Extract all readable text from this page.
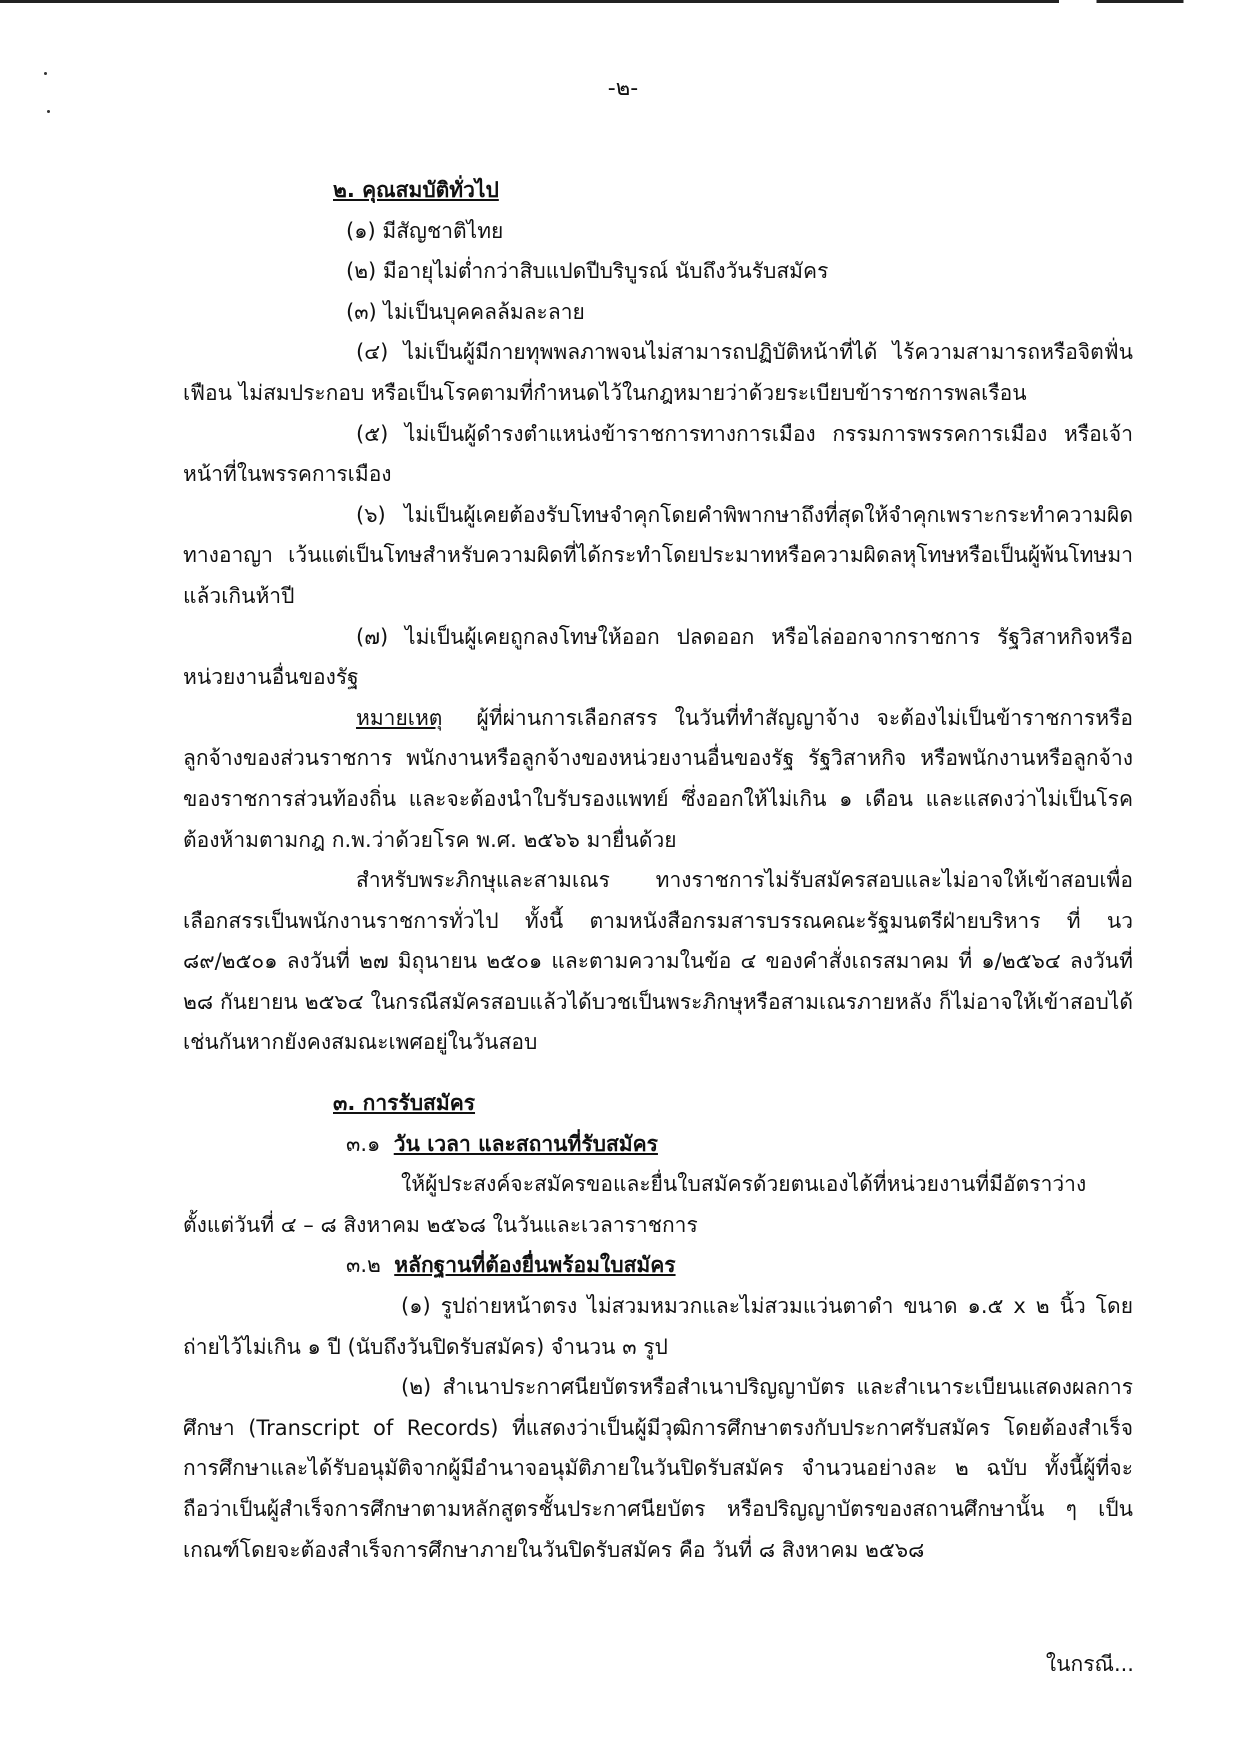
-๒-

๒. คุณสมบัติทั่วไป

(๑) มีสัญชาติไทย

(๒) มีอายุไม่ต่ำกว่าสิบแปดปีบริบูรณ์ นับถึงวันรับสมัคร

(๓) ไม่เป็นบุคคลล้มละลาย

(๔) ไม่เป็นผู้มีกายทุพพลภาพจนไม่สามารถปฏิบัติหน้าที่ได้ ไร้ความสามารถหรือจิตฟั่นเฟือน ไม่สมประกอบ หรือเป็นโรคตามที่กำหนดไว้ในกฎหมายว่าด้วยระเบียบข้าราชการพลเรือน

(๕) ไม่เป็นผู้ดำรงตำแหน่งข้าราชการทางการเมือง กรรมการพรรคการเมือง หรือเจ้าหน้าที่ในพรรคการเมือง

(๖) ไม่เป็นผู้เคยต้องรับโทษจำคุกโดยคำพิพากษาถึงที่สุดให้จำคุกเพราะกระทำความผิดทางอาญา เว้นแต่เป็นโทษสำหรับความผิดที่ได้กระทำโดยประมาทหรือความผิดลหุโทษหรือเป็นผู้พ้นโทษมาแล้วเกินห้าปี

(๗) ไม่เป็นผู้เคยถูกลงโทษให้ออก ปลดออก หรือไล่ออกจากราชการ รัฐวิสาหกิจหรือหน่วยงานอื่นของรัฐ

หมายเหตุ ผู้ที่ผ่านการเลือกสรร ในวันที่ทำสัญญาจ้าง จะต้องไม่เป็นข้าราชการหรือลูกจ้างของส่วนราชการ พนักงานหรือลูกจ้างของหน่วยงานอื่นของรัฐ รัฐวิสาหกิจ หรือพนักงานหรือลูกจ้างของราชการส่วนท้องถิ่น และจะต้องนำใบรับรองแพทย์ ซึ่งออกให้ไม่เกิน ๑ เดือน และแสดงว่าไม่เป็นโรคต้องห้ามตามกฎ ก.พ.ว่าด้วยโรค พ.ศ. ๒๕๖๖ มายื่นด้วย

สำหรับพระภิกษุและสามเณร ทางราชการไม่รับสมัครสอบและไม่อาจให้เข้าสอบเพื่อเลือกสรรเป็นพนักงานราชการทั่วไป ทั้งนี้ ตามหนังสือกรมสารบรรณคณะรัฐมนตรีฝ่ายบริหาร ที่ นว ๘๙/๒๕๐๑ ลงวันที่ ๒๗ มิถุนายน ๒๕๐๑ และตามความในข้อ ๔ ของคำสั่งเถรสมาคม ที่ ๑/๒๕๖๔ ลงวันที่ ๒๘ กันยายน ๒๕๖๔ ในกรณีสมัครสอบแล้วได้บวชเป็นพระภิกษุหรือสามเณรภายหลัง ก็ไม่อาจให้เข้าสอบได้เช่นกันหากยังคงสมณะเพศอยู่ในวันสอบ

๓. การรับสมัคร

๓.๑ วัน เวลา และสถานที่รับสมัคร

ให้ผู้ประสงค์จะสมัครขอและยื่นใบสมัครด้วยตนเองได้ที่หน่วยงานที่มีอัตราว่าง ตั้งแต่วันที่ ๔ – ๘ สิงหาคม ๒๕๖๘ ในวันและเวลาราชการ

๓.๒ หลักฐานที่ต้องยื่นพร้อมใบสมัคร

(๑) รูปถ่ายหน้าตรง ไม่สวมหมวกและไม่สวมแว่นตาดำ ขนาด ๑.๕ x ๒ นิ้ว โดยถ่ายไว้ไม่เกิน ๑ ปี (นับถึงวันปิดรับสมัคร) จำนวน ๓ รูป

(๒) สำเนาประกาศนียบัตรหรือสำเนาปริญญาบัตร และสำเนาระเบียนแสดงผลการศึกษา (Transcript of Records) ที่แสดงว่าเป็นผู้มีวุฒิการศึกษาตรงกับประกาศรับสมัคร โดยต้องสำเร็จการศึกษาและได้รับอนุมัติจากผู้มีอำนาจอนุมัติภายในวันปิดรับสมัคร จำนวนอย่างละ ๒ ฉบับ ทั้งนี้ผู้ที่จะถือว่าเป็นผู้สำเร็จการศึกษาตามหลักสูตรชั้นประกาศนียบัตร หรือปริญญาบัตรของสถานศึกษานั้น ๆ เป็นเกณฑ์โดยจะต้องสำเร็จการศึกษาภายในวันปิดรับสมัคร คือ วันที่ ๘ สิงหาคม ๒๕๖๘

ในกรณี...
